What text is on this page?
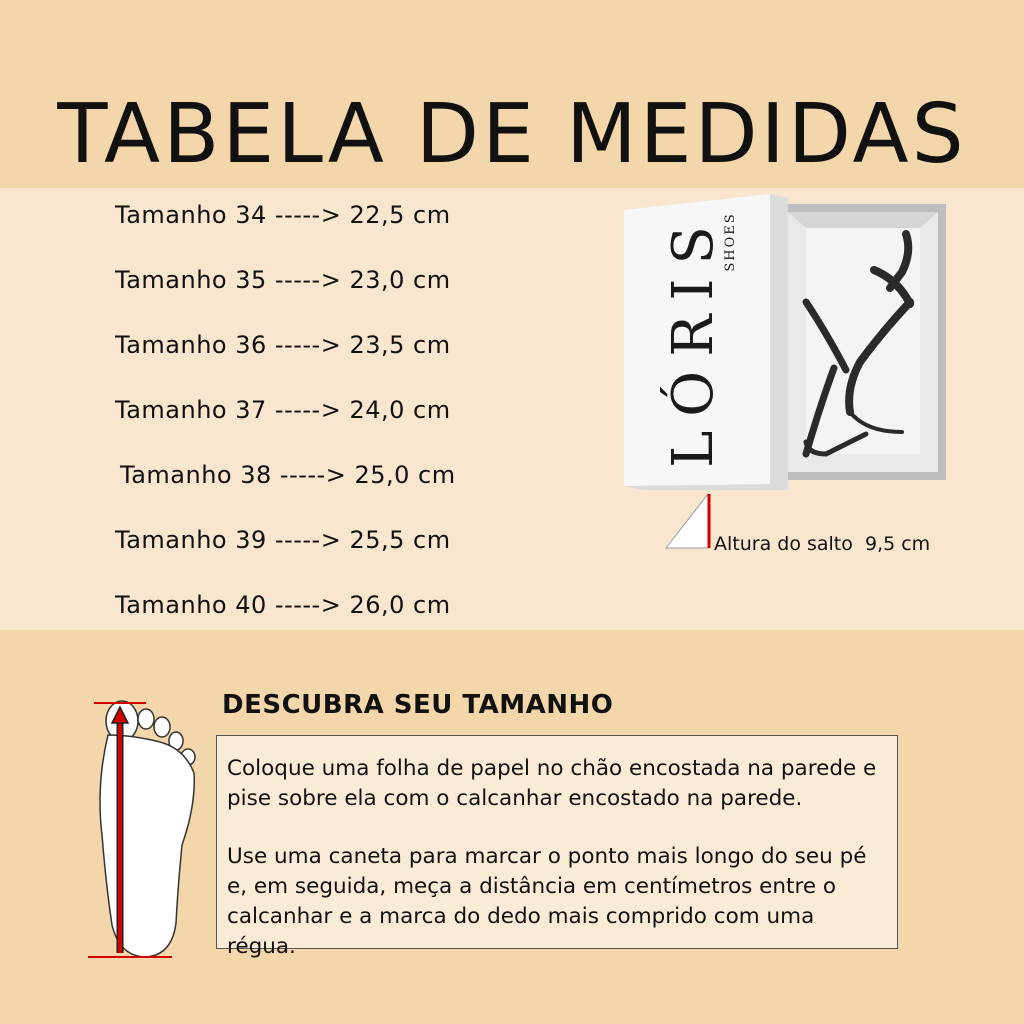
TABELA DE MEDIDAS
Tamanho 34 -----> 22,5 cm
Tamanho 35 -----> 23,0 cm
Tamanho 36 -----> 23,5 cm
Tamanho 37 -----> 24,0 cm
Tamanho 38 -----> 25,0 cm
Tamanho 39 -----> 25,5 cm
Tamanho 40 -----> 26,0 cm
LÓRIS
SHOES
Altura do salto 9,5 cm
DESCUBRA SEU TAMANHO

Coloque uma folha de papel no chão encostada na parede e pise sobre ela com o calcanhar encostado na parede.

Use uma caneta para marcar o ponto mais longo do seu pé e, em seguida, meça a distância em centímetros entre o calcanhar e a marca do dedo mais comprido com uma régua.
